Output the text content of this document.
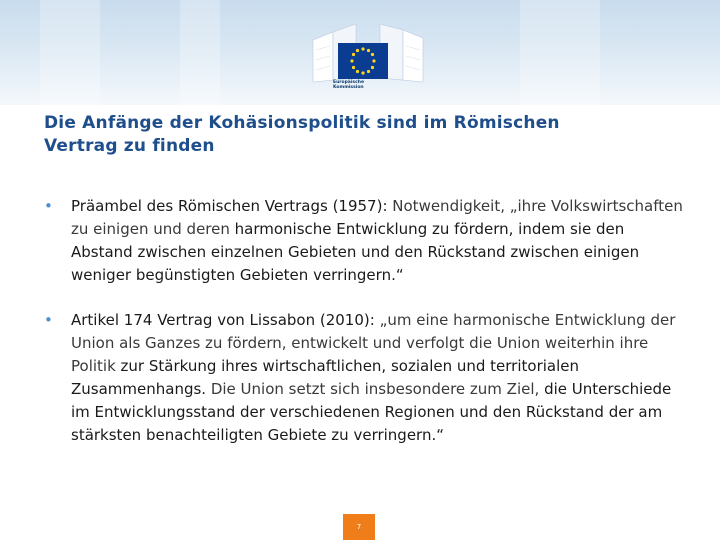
Europäische Kommission
Die Anfänge der Kohäsionspolitik sind im Römischen
Vertrag zu finden
• Präambel des Römischen Vertrags (1957): Notwendigkeit, „ihre Volkswirtschaften zu einigen und deren harmonische Entwicklung zu fördern, indem sie den Abstand zwischen einzelnen Gebieten und den Rückstand zwischen einigen weniger begünstigten Gebieten verringern.“
• Artikel 174 Vertrag von Lissabon (2010): „um eine harmonische Entwicklung der Union als Ganzes zu fördern, entwickelt und verfolgt die Union weiterhin ihre Politik zur Stärkung ihres wirtschaftlichen, sozialen und territorialen Zusammenhangs. Die Union setzt sich insbesondere zum Ziel, die Unterschiede im Entwicklungsstand der verschiedenen Regionen und den Rückstand der am stärksten benachteiligten Gebiete zu verringern.“
7
